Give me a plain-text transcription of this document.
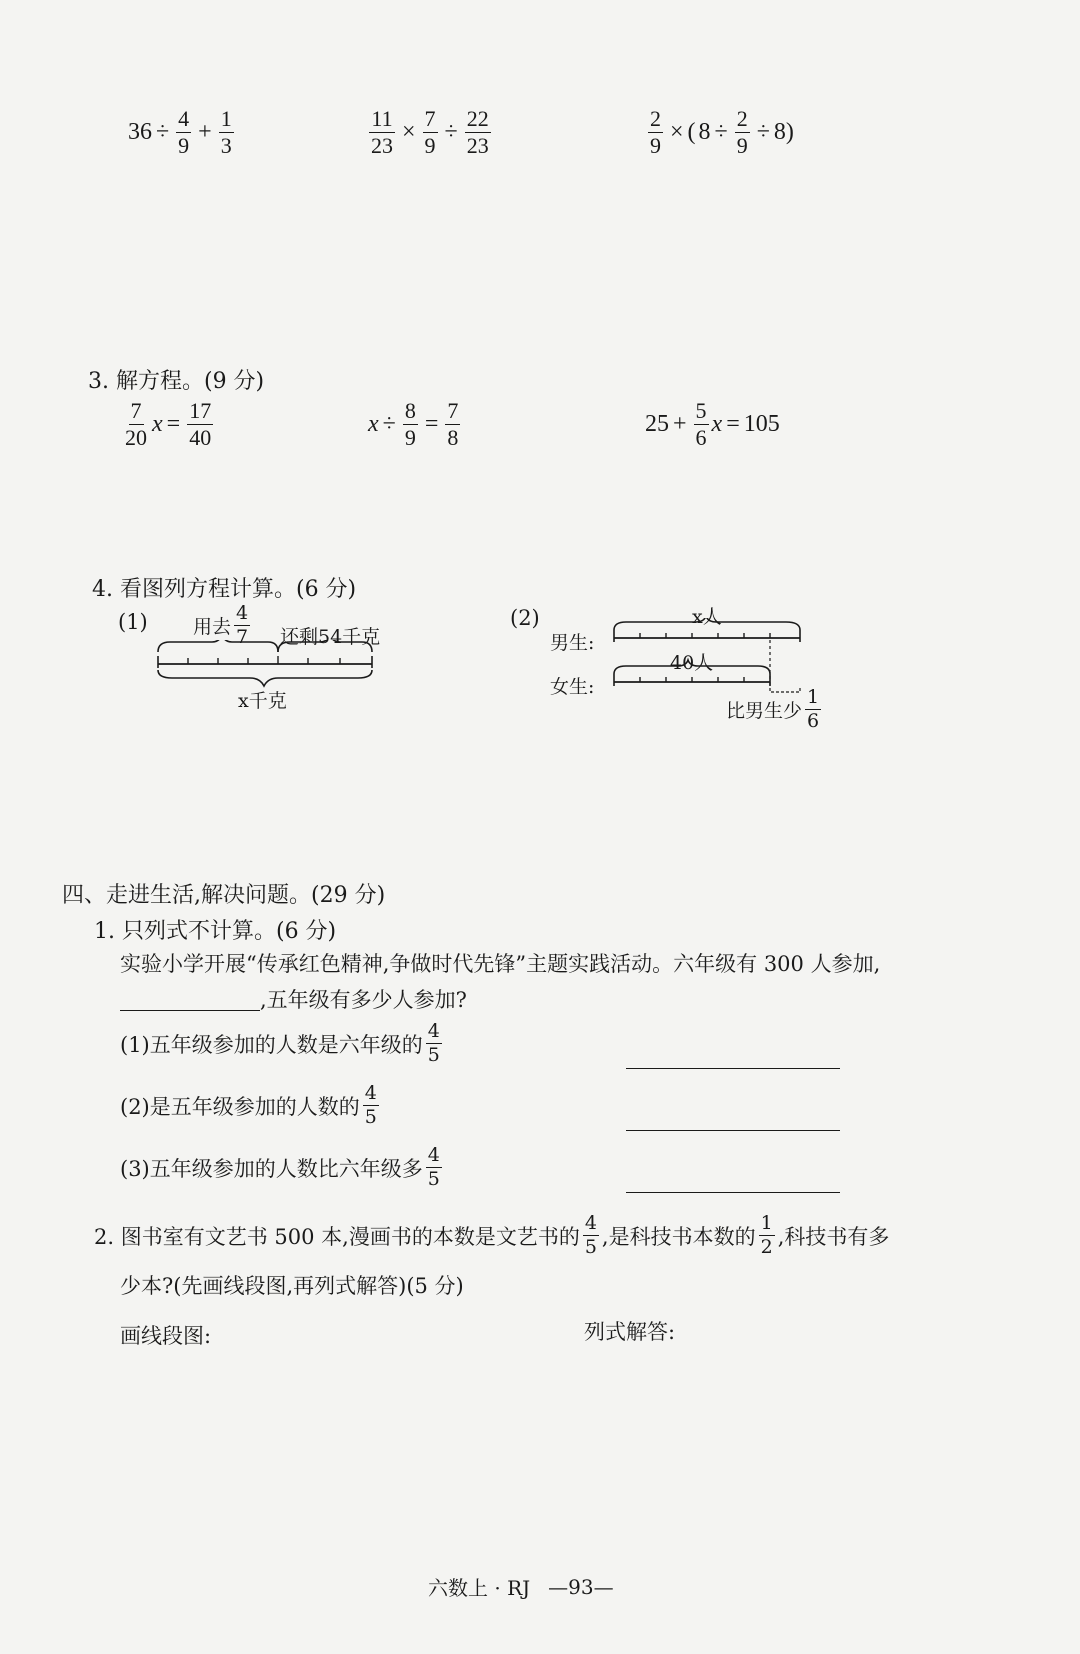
$36 \div \frac{4}{9} + \frac{1}{3}$	$\frac{11}{23} \times \frac{7}{9} \div \frac{22}{23}$	$\frac{2}{9}$ × ( $8 \div \frac{2}{9} \div 8$ )
3. 解方程。(9 分)
$\frac{7}{20}$ $x = \frac{17}{40}$	$x \div \frac{8}{9} = \frac{7}{8}$	$25 + \frac{5}{6}$ x = 105
4. 看图列方程计算。(6 分)
(1) 用去 $\frac{4}{7}$ 还剩54千克
x千克
(2)	x人
男生:
40人
女生:
比男生少 $\frac{1}{6}$
四、走进生活,解决问题。(29 分)
1. 只列式不计算。(6 分)
实验小学开展“传承红色精神,争做时代先锋”主题实践活动。六年级有 300 人参加,
,五年级有多少人参加?
(1)五年级参加的人数是六年级的 $\frac{4}{5}$
(2)是五年级参加的人数的 $\frac{4}{5}$
(3)五年级参加的人数比六年级多 $\frac{4}{5}$
2. 图书室有文艺书 500 本,漫画书的本数是文艺书的 $\frac{4}{5}$ ,是科技书本数的 $\frac{1}{2}$ ,科技书有多
少本?(先画线段图,再列式解答)(5 分)
画线段图:	列式解答:
六数上 · RJ —93—
